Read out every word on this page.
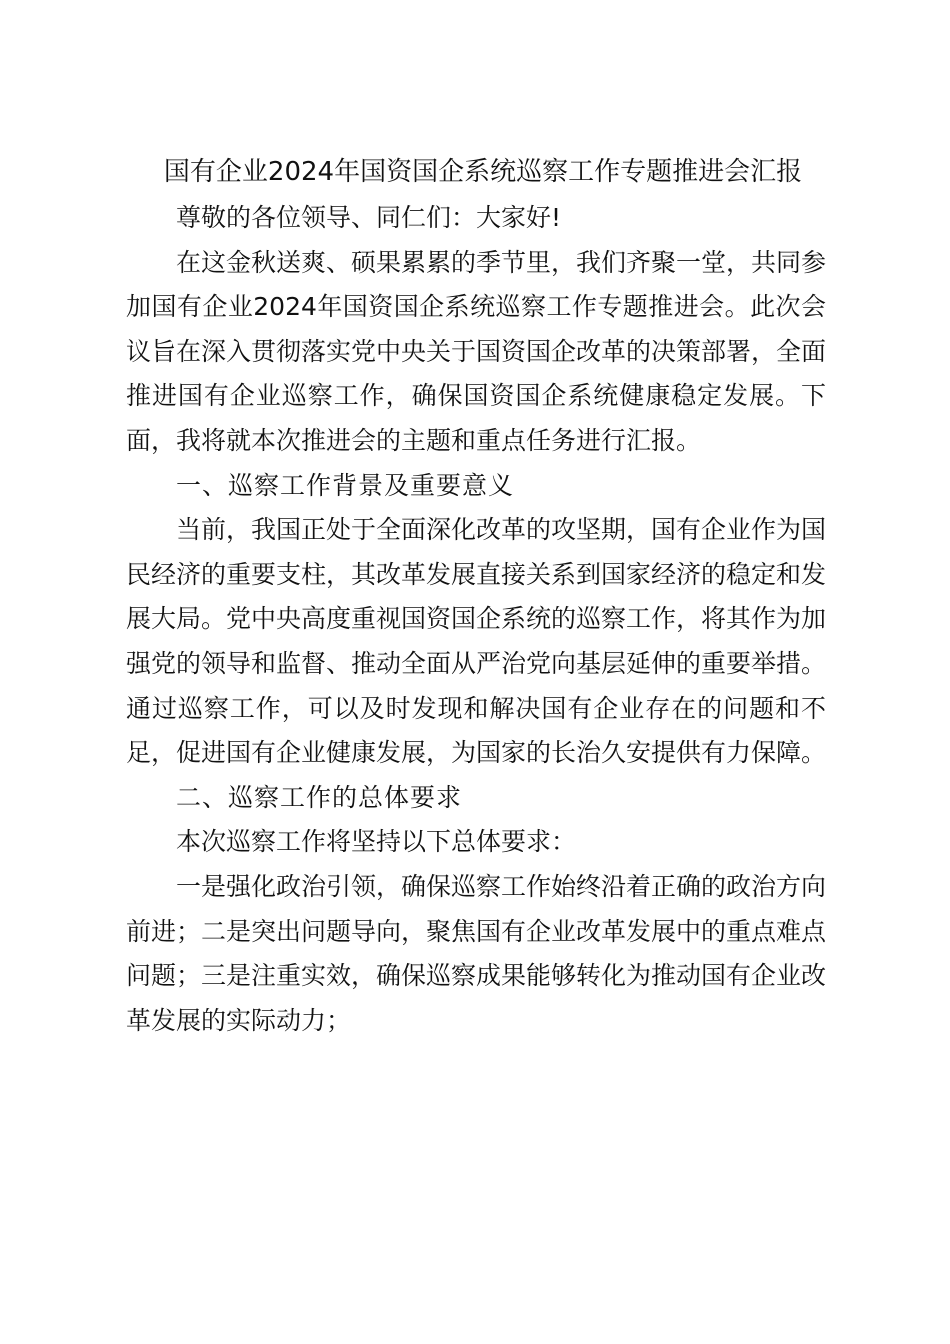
国有企业2024年国资国企系统巡察工作专题推进会汇报

尊敬的各位领导、同仁们：大家好!

在这金秋送爽、硕果累累的季节里，我们齐聚一堂，共同参加国有企业2024年国资国企系统巡察工作专题推进会。此次会议旨在深入贯彻落实党中央关于国资国企改革的决策部署，全面推进国有企业巡察工作，确保国资国企系统健康稳定发展。下面，我将就本次推进会的主题和重点任务进行汇报。

一、巡察工作背景及重要意义

当前，我国正处于全面深化改革的攻坚期，国有企业作为国民经济的重要支柱，其改革发展直接关系到国家经济的稳定和发展大局。党中央高度重视国资国企系统的巡察工作，将其作为加强党的领导和监督、推动全面从严治党向基层延伸的重要举措。通过巡察工作，可以及时发现和解决国有企业存在的问题和不足，促进国有企业健康发展，为国家的长治久安提供有力保障。

二、巡察工作的总体要求

本次巡察工作将坚持以下总体要求：

一是强化政治引领，确保巡察工作始终沿着正确的政治方向前进；二是突出问题导向，聚焦国有企业改革发展中的重点难点问题；三是注重实效，确保巡察成果能够转化为推动国有企业改革发展的实际动力；
